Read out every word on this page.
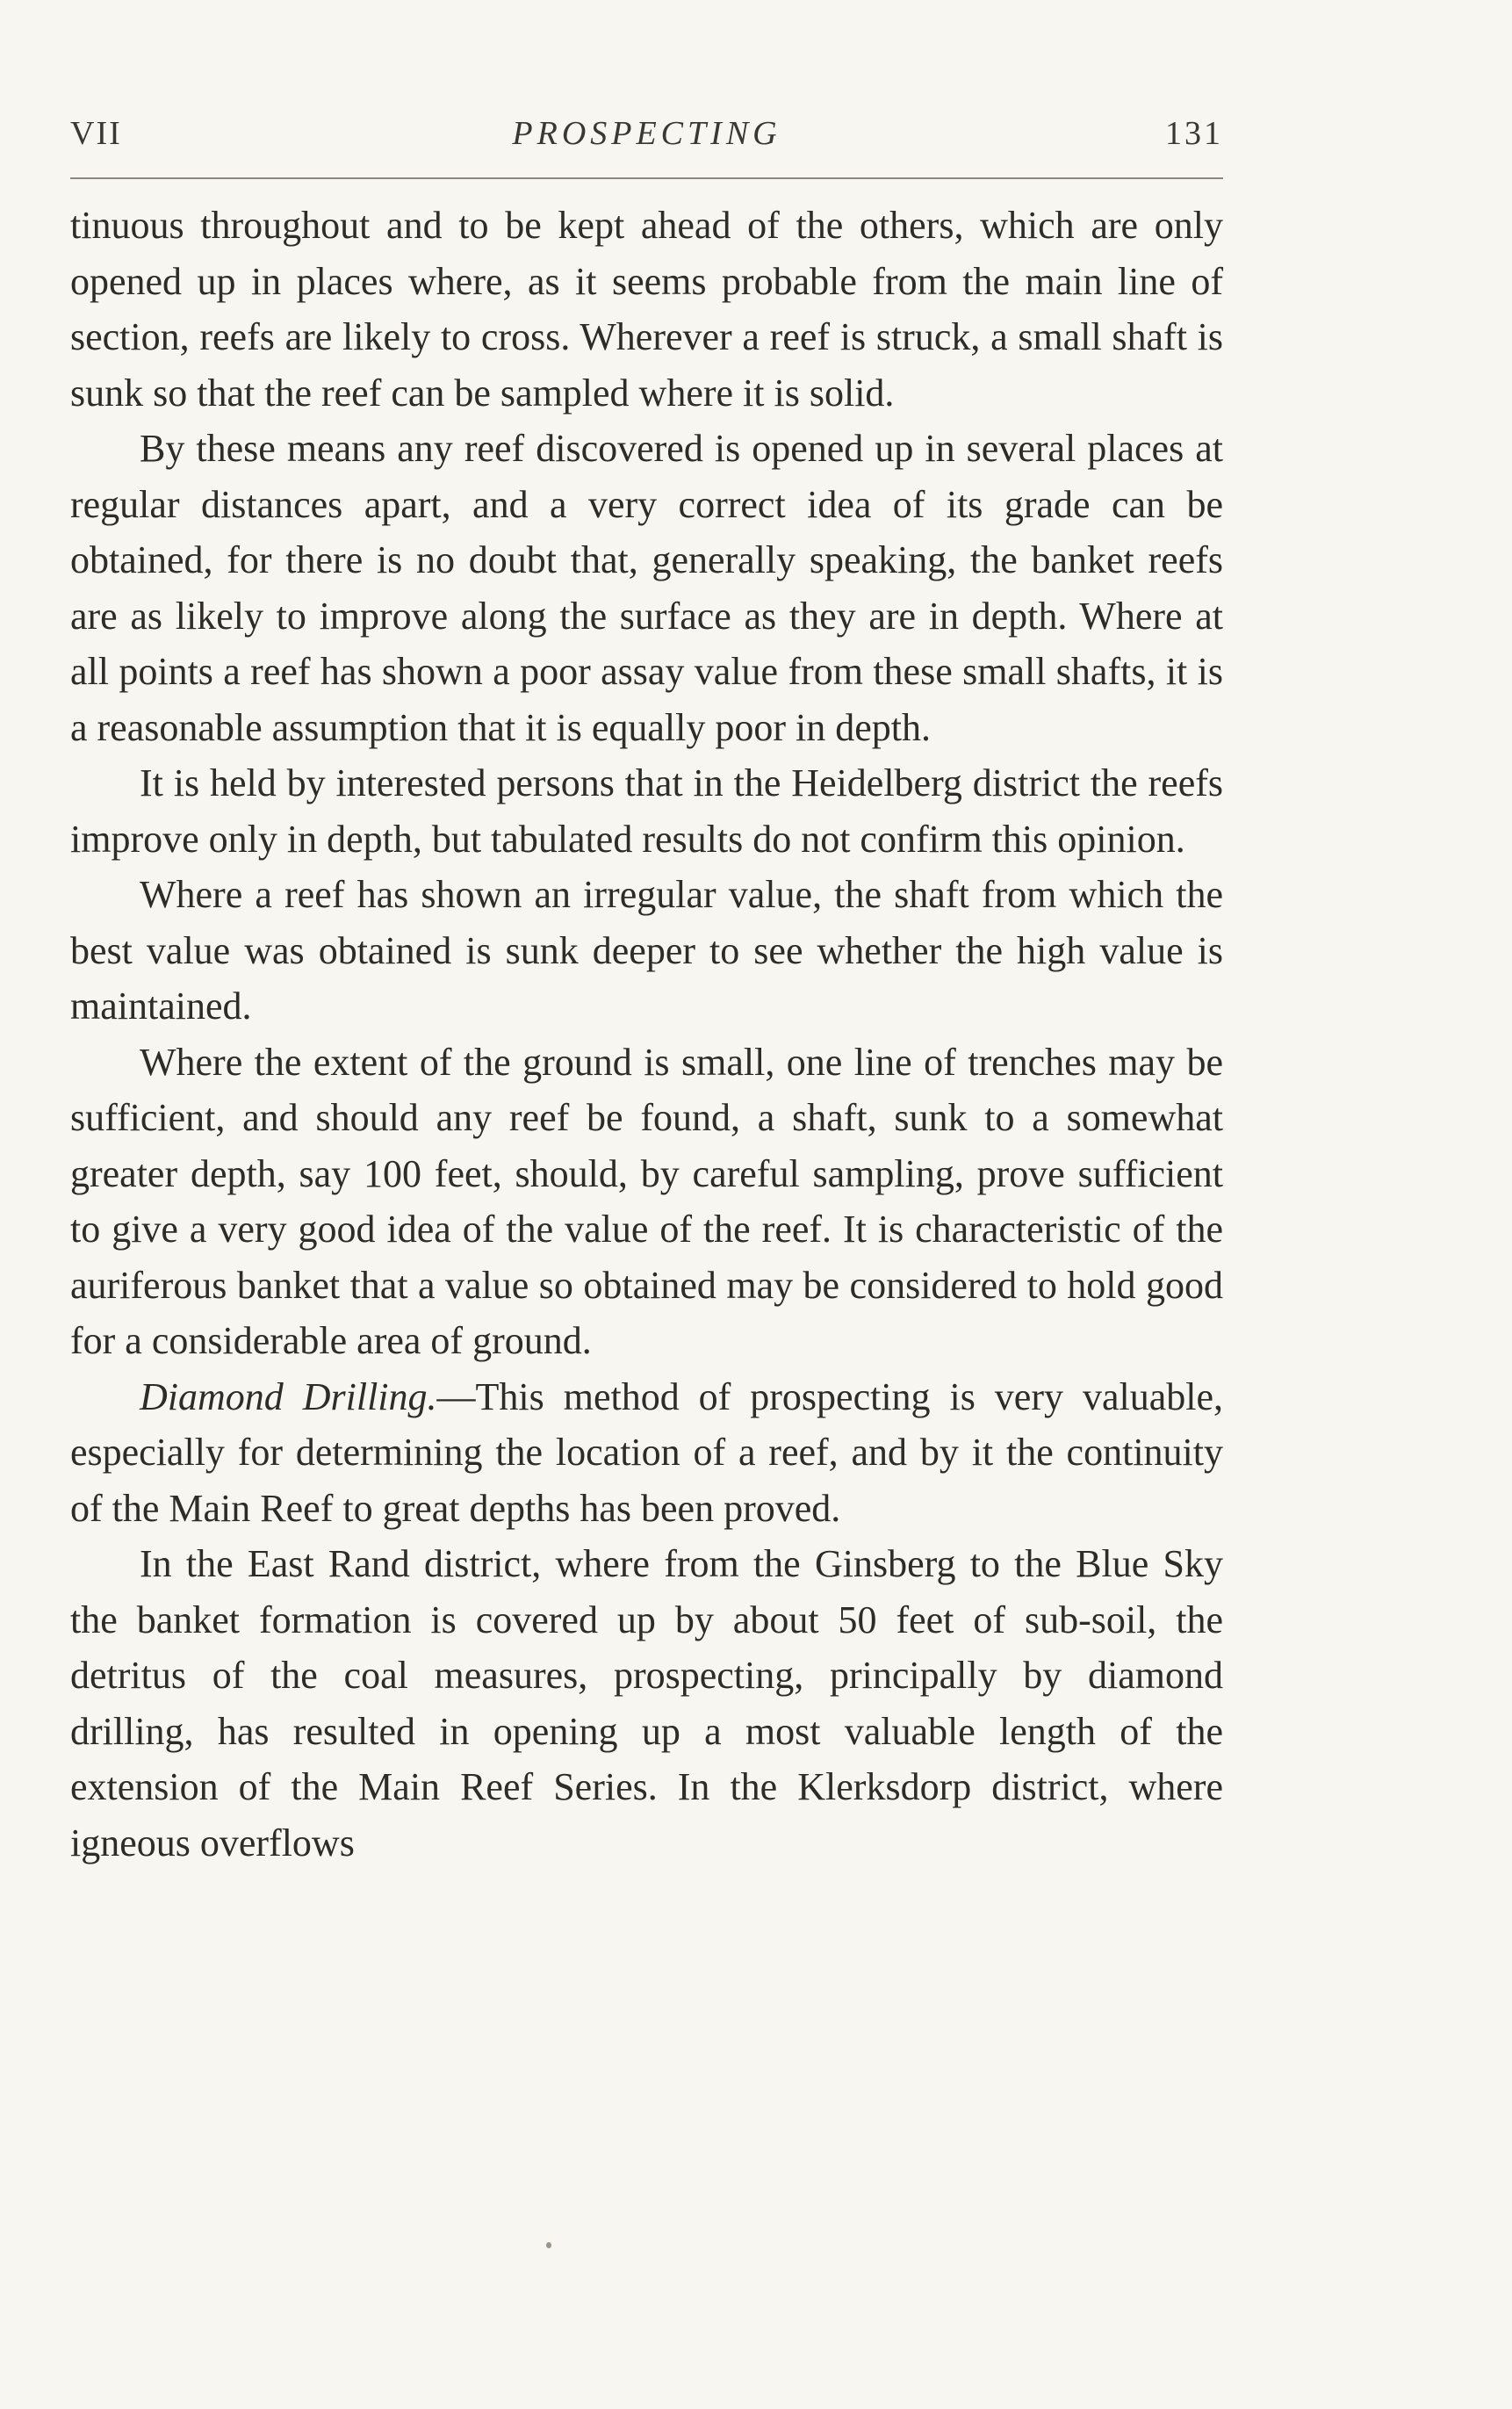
VII	PROSPECTING	131

tinuous throughout and to be kept ahead of the others, which are only opened up in places where, as it seems probable from the main line of section, reefs are likely to cross. Wherever a reef is struck, a small shaft is sunk so that the reef can be sampled where it is solid.

By these means any reef discovered is opened up in several places at regular distances apart, and a very correct idea of its grade can be obtained, for there is no doubt that, generally speaking, the banket reefs are as likely to improve along the surface as they are in depth. Where at all points a reef has shown a poor assay value from these small shafts, it is a reasonable assumption that it is equally poor in depth.

It is held by interested persons that in the Heidelberg district the reefs improve only in depth, but tabulated results do not confirm this opinion.

Where a reef has shown an irregular value, the shaft from which the best value was obtained is sunk deeper to see whether the high value is maintained.

Where the extent of the ground is small, one line of trenches may be sufficient, and should any reef be found, a shaft, sunk to a somewhat greater depth, say 100 feet, should, by careful sampling, prove sufficient to give a very good idea of the value of the reef. It is characteristic of the auriferous banket that a value so obtained may be considered to hold good for a considerable area of ground.

Diamond Drilling.—This method of prospecting is very valuable, especially for determining the location of a reef, and by it the continuity of the Main Reef to great depths has been proved.

In the East Rand district, where from the Ginsberg to the Blue Sky the banket formation is covered up by about 50 feet of sub-soil, the detritus of the coal measures, prospecting, principally by diamond drilling, has resulted in opening up a most valuable length of the extension of the Main Reef Series. In the Klerksdorp district, where igneous overflows
